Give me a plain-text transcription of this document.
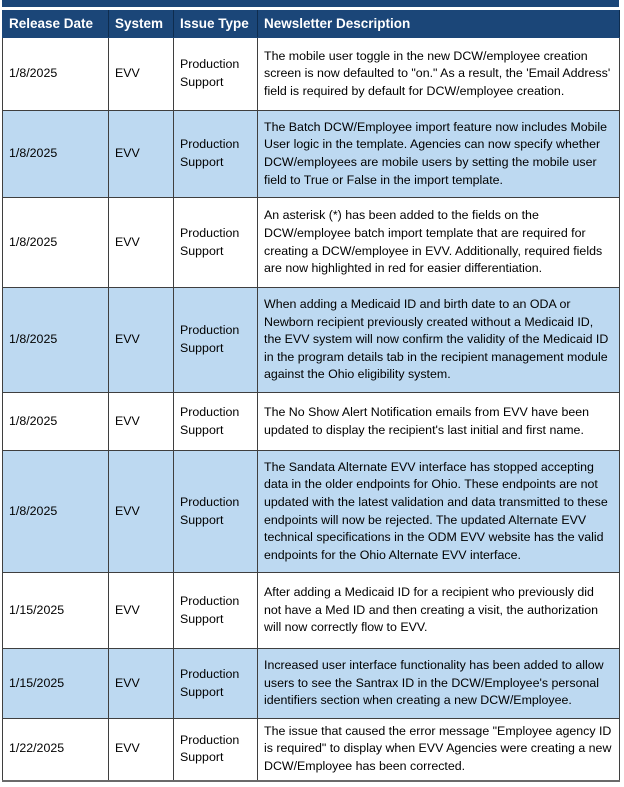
Release Date	System	Issue Type	Newsletter Description
1/8/2025	EVV	Production Support	The mobile user toggle in the new DCW/employee creation screen is now defaulted to "on." As a result, the 'Email Address' field is required by default for DCW/employee creation.
1/8/2025	EVV	Production Support	The Batch DCW/Employee import feature now includes Mobile User logic in the template. Agencies can now specify whether DCW/employees are mobile users by setting the mobile user field to True or False in the import template.
1/8/2025	EVV	Production Support	An asterisk (*) has been added to the fields on the DCW/employee batch import template that are required for creating a DCW/employee in EVV. Additionally, required fields are now highlighted in red for easier differentiation.
1/8/2025	EVV	Production Support	When adding a Medicaid ID and birth date to an ODA or Newborn recipient previously created without a Medicaid ID, the EVV system will now confirm the validity of the Medicaid ID in the program details tab in the recipient management module against the Ohio eligibility system.
1/8/2025	EVV	Production Support	The No Show Alert Notification emails from EVV have been updated to display the recipient's last initial and first name.
1/8/2025	EVV	Production Support	The Sandata Alternate EVV interface has stopped accepting data in the older endpoints for Ohio. These endpoints are not updated with the latest validation and data transmitted to these endpoints will now be rejected. The updated Alternate EVV technical specifications in the ODM EVV website has the valid endpoints for the Ohio Alternate EVV interface.
1/15/2025	EVV	Production Support	After adding a Medicaid ID for a recipient who previously did not have a Med ID and then creating a visit, the authorization will now correctly flow to EVV.
1/15/2025	EVV	Production Support	Increased user interface functionality has been added to allow users to see the Santrax ID in the DCW/Employee's personal identifiers section when creating a new DCW/Employee.
1/22/2025	EVV	Production Support	The issue that caused the error message "Employee agency ID is required" to display when EVV Agencies were creating a new DCW/Employee has been corrected.
